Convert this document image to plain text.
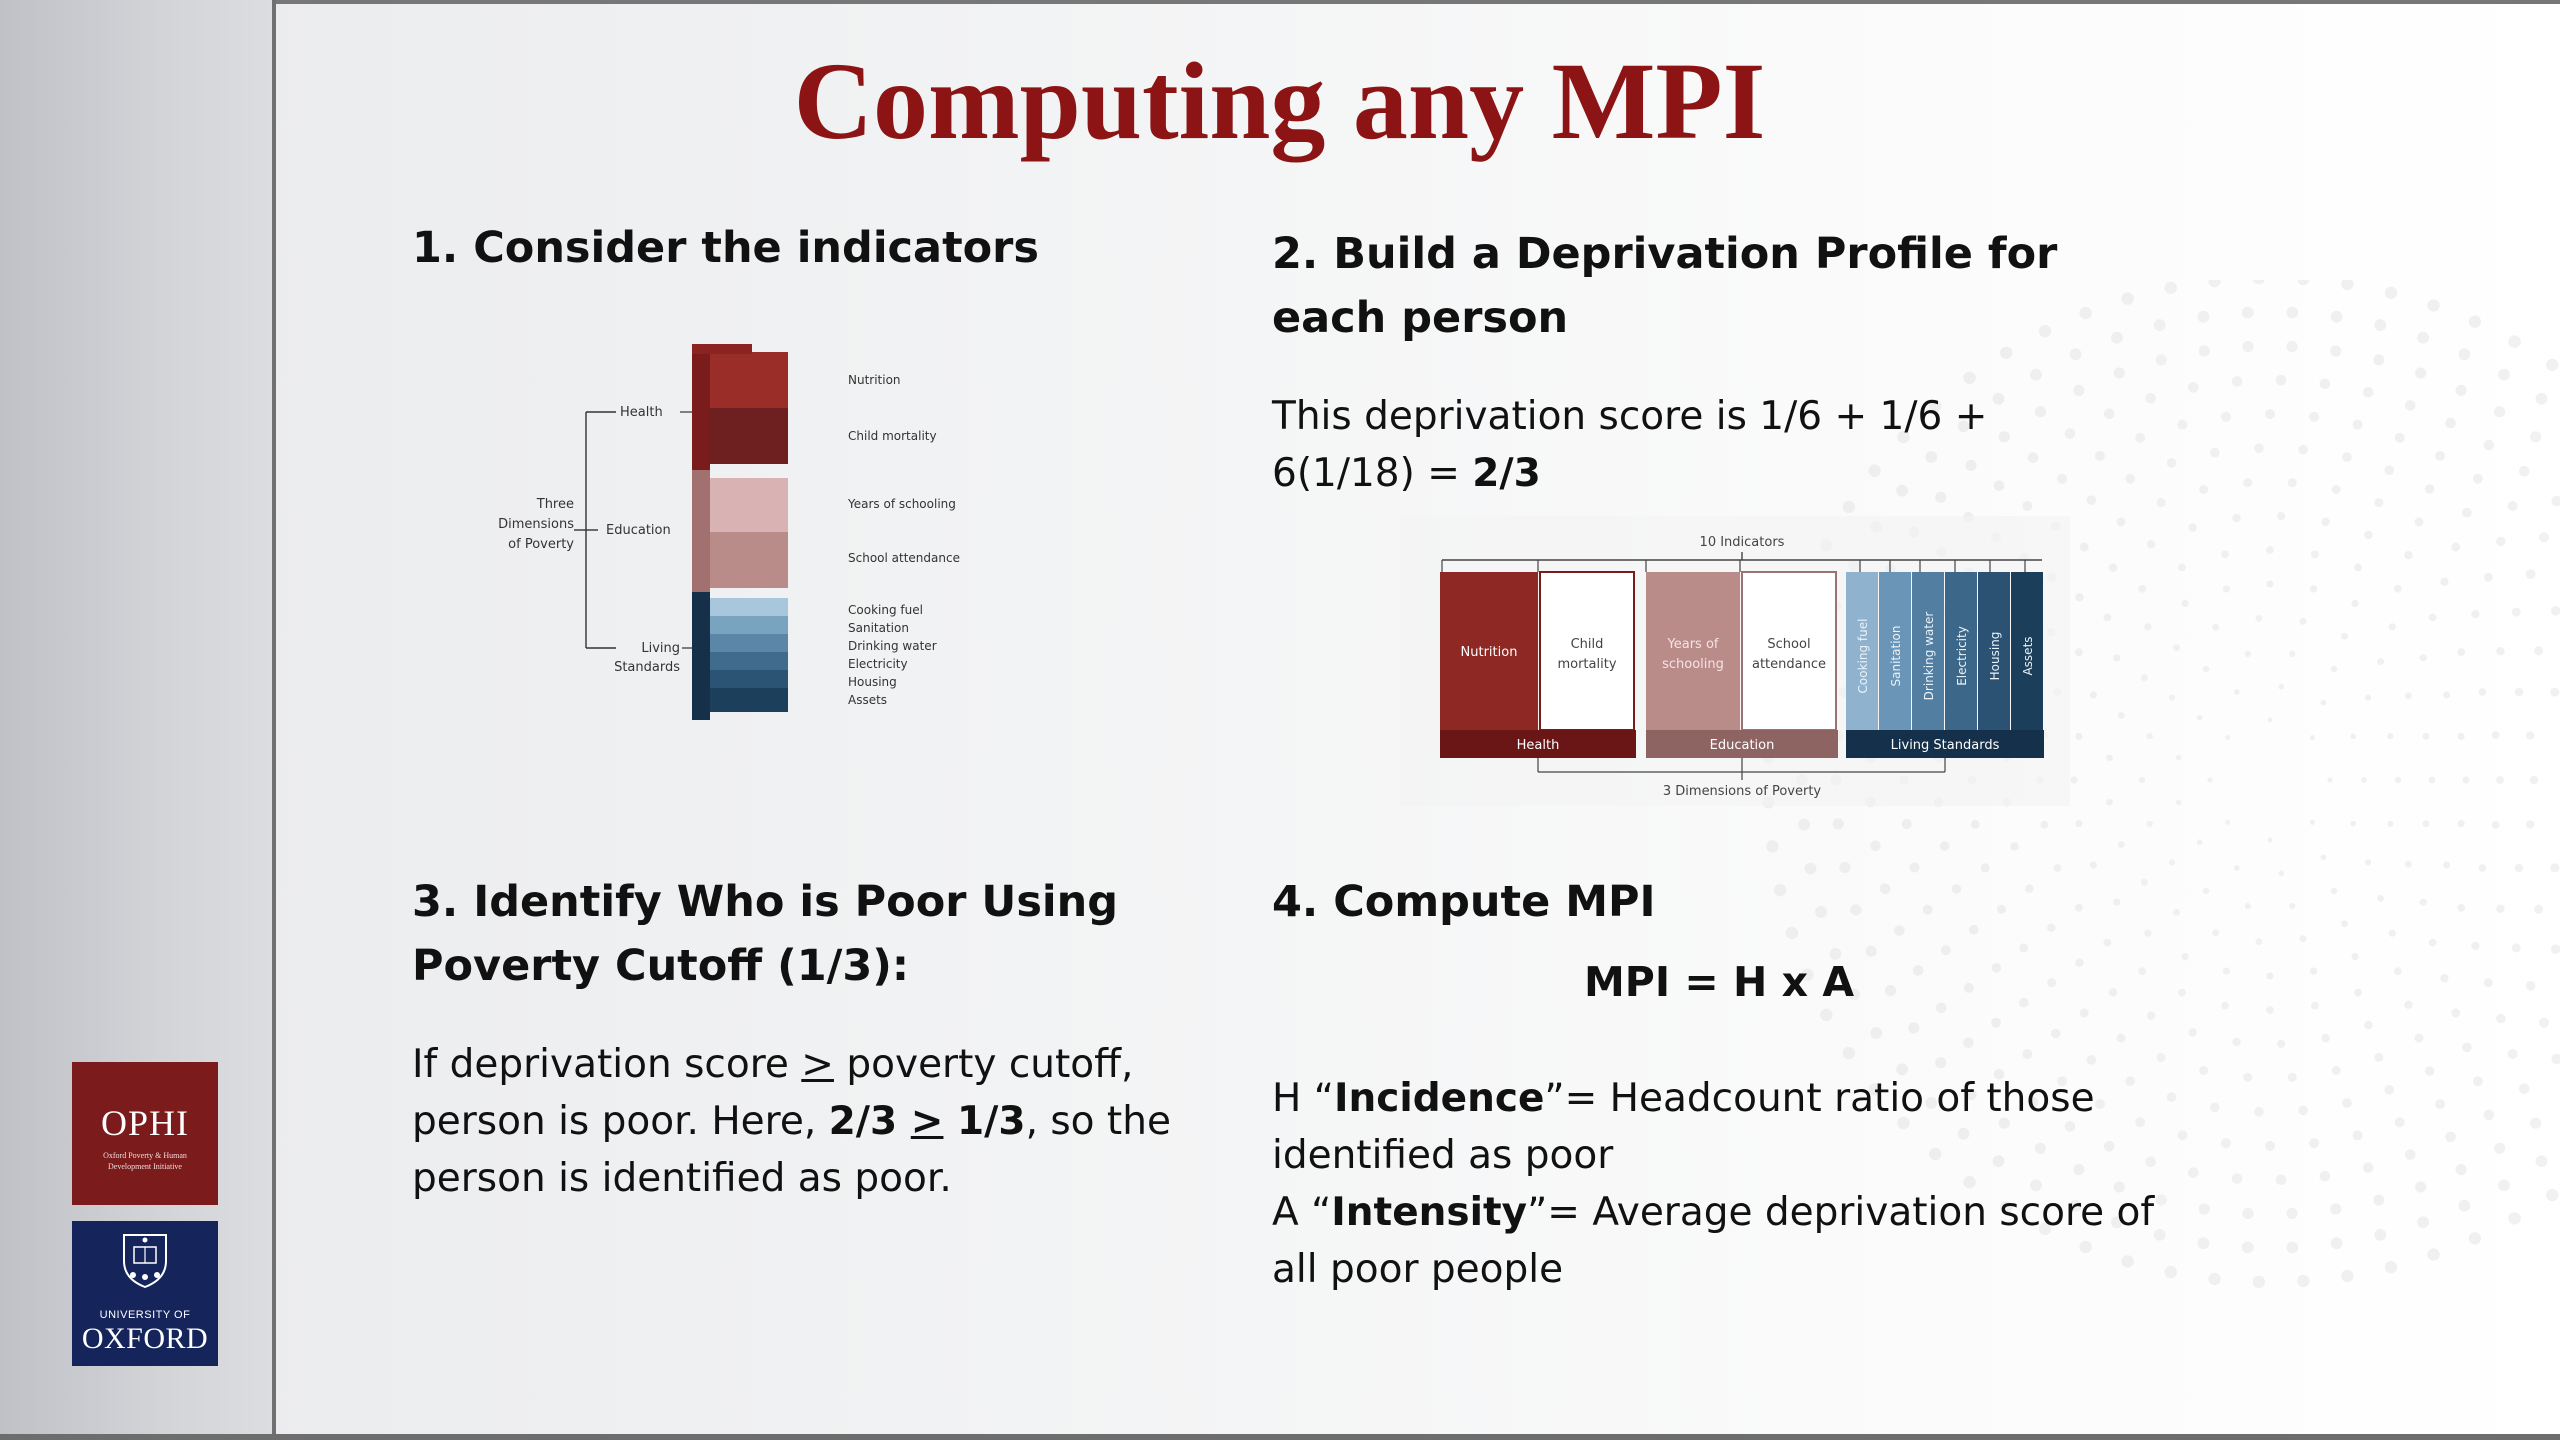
OPHI
Oxford Poverty & Human Development Initiative
UNIVERSITY OF
OXFORD
Computing any MPI
1. Consider the indicators
Three
Dimensions
of Poverty
Health
Education
Living
Standards
Nutrition
Child mortality
Years of schooling
School attendance
Cooking fuel
Sanitation
Drinking water
Electricity
Housing
Assets
2. Build a Deprivation Profile for
each person
This deprivation score is 1/6 + 1/6 +
6(1/18) = 2/3
10 Indicators
Nutrition
Child
mortality
Health
Years of
schooling
School
attendance
Education
Cooking fuel Sanitation Drinking water Electricity Housing Assets
Living Standards
3 Dimensions of Poverty
3. Identify Who is Poor Using
Poverty Cutoff (1/3):
If deprivation score > poverty cutoff,
person is poor. Here, 2/3 ≥ 1/3, so the
person is identified as poor.
4. Compute MPI
MPI = H x A
H “Incidence”= Headcount ratio of those
identified as poor
A “Intensity”= Average deprivation score of
all poor people
